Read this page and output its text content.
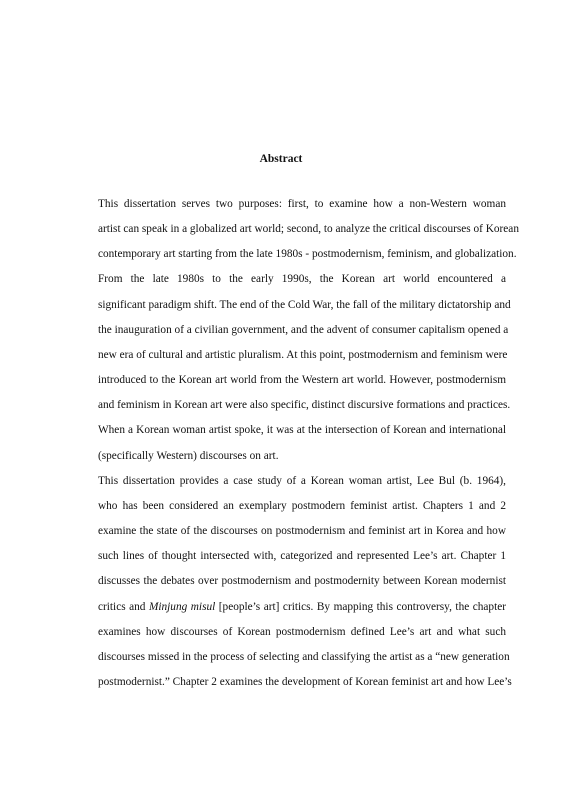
Abstract

This dissertation serves two purposes: first, to examine how a non-Western woman
artist can speak in a globalized art world; second, to analyze the critical discourses of Korean
contemporary art starting from the late 1980s - postmodernism, feminism, and globalization.

From the late 1980s to the early 1990s, the Korean art world encountered a
significant paradigm shift. The end of the Cold War, the fall of the military dictatorship and
the inauguration of a civilian government, and the advent of consumer capitalism opened a
new era of cultural and artistic pluralism. At this point, postmodernism and feminism were
introduced to the Korean art world from the Western art world. However, postmodernism
and feminism in Korean art were also specific, distinct discursive formations and practices.
When a Korean woman artist spoke, it was at the intersection of Korean and international
(specifically Western) discourses on art.

This dissertation provides a case study of a Korean woman artist, Lee Bul (b. 1964),
who has been considered an exemplary postmodern feminist artist. Chapters 1 and 2
examine the state of the discourses on postmodernism and feminist art in Korea and how
such lines of thought intersected with, categorized and represented Lee’s art. Chapter 1
discusses the debates over postmodernism and postmodernity between Korean modernist
critics and Minjung misul [people’s art] critics. By mapping this controversy, the chapter
examines how discourses of Korean postmodernism defined Lee’s art and what such
discourses missed in the process of selecting and classifying the artist as a “new generation
postmodernist.” Chapter 2 examines the development of Korean feminist art and how Lee’s
